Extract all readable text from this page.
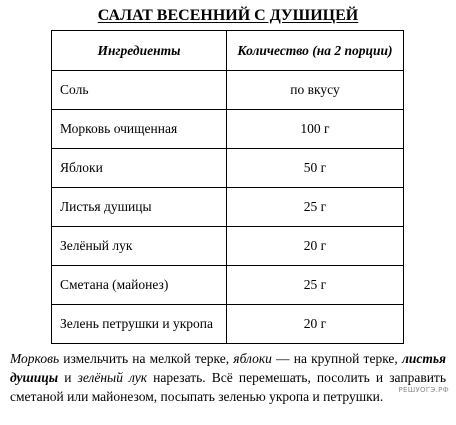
САЛАТ ВЕСЕННИЙ С ДУШИЦЕЙ
Ингредиенты	Количество (на 2 порции)
Соль	по вкусу
Морковь очищенная	100 г
Яблоки	50 г
Листья душицы	25 г
Зелёный лук	20 г
Сметана (майонез)	25 г
Зелень петрушки и укропа	20 г
Морковь измельчить на мелкой терке, яблоки — на крупной терке, листья душицы и зелёный лук нарезать. Всё перемешать, посолить и заправить сметаной или майонезом, посыпать зеленью укропа и петрушки.	РЕШУОГЭ.РФ
